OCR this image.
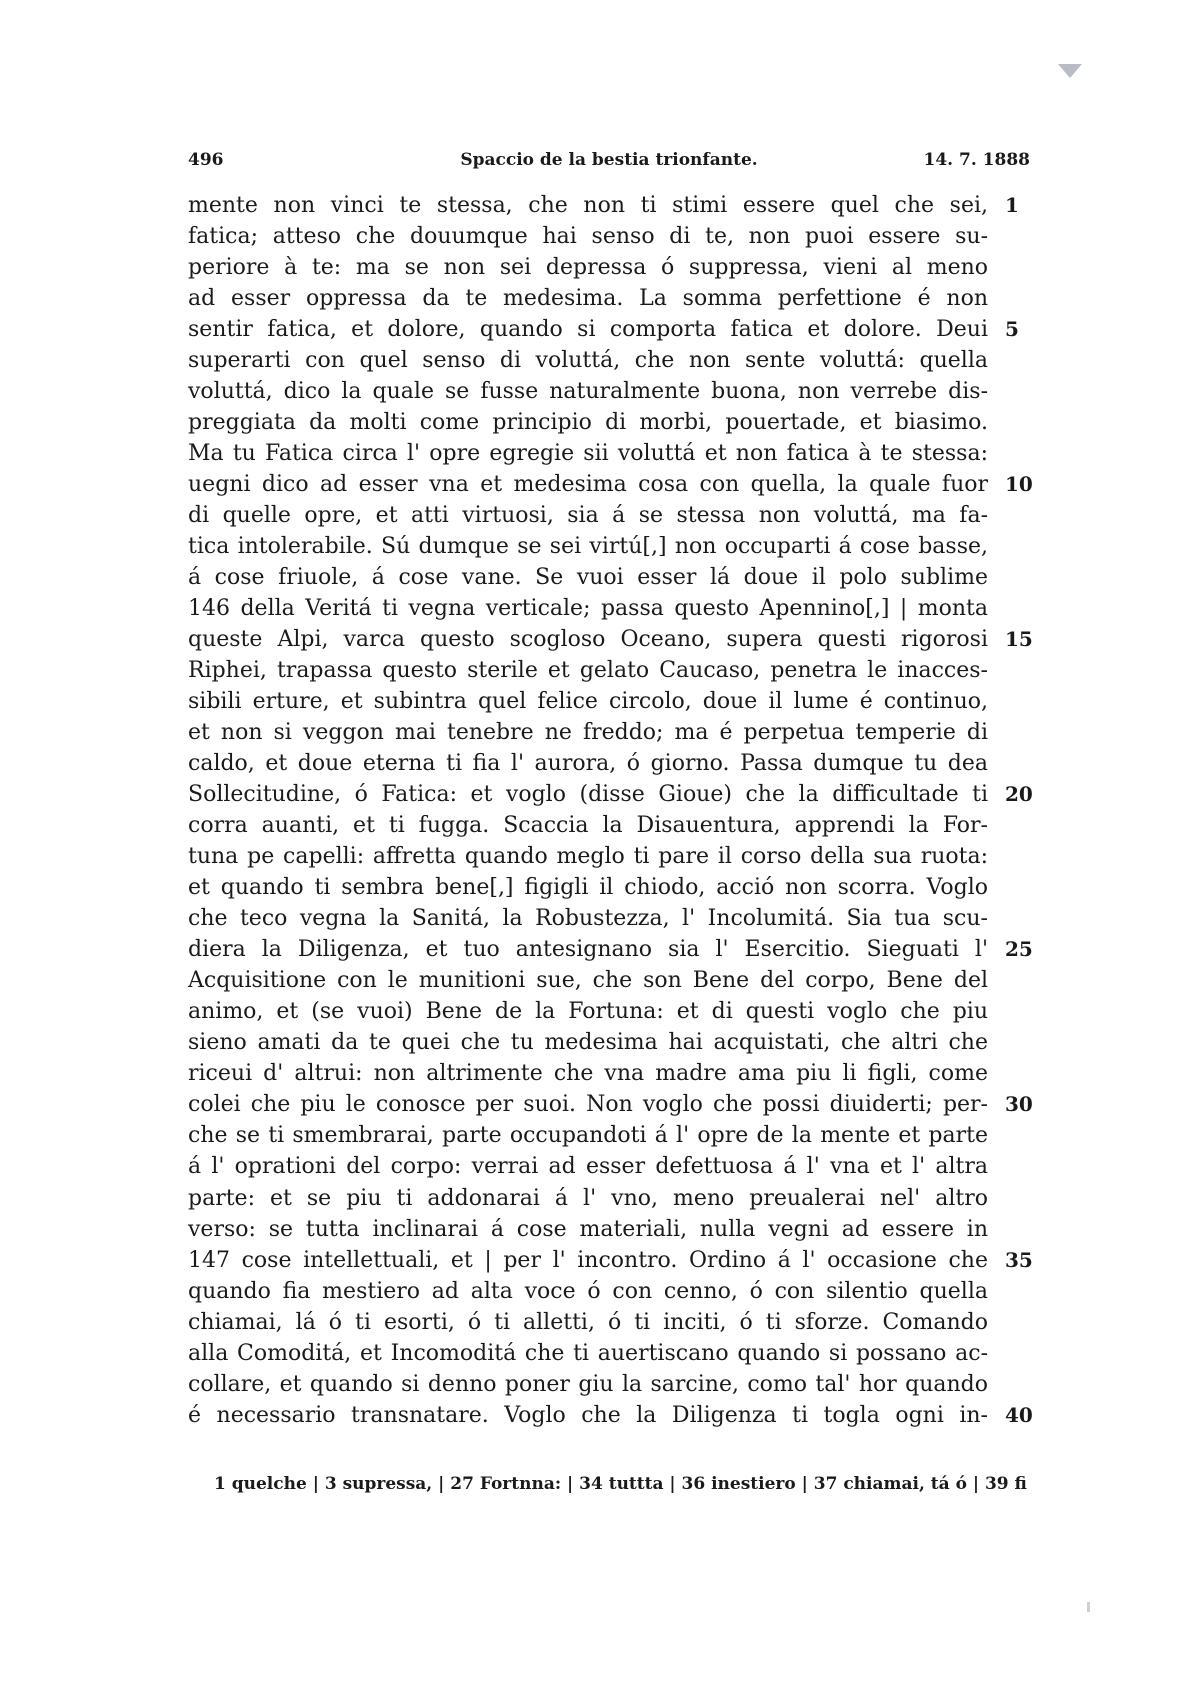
496	Spaccio de la bestia trionfante.	14. 7. 1888
mente non vinci te stessa, che non ti stimi essere quel che sei, 1
fatica; atteso che douumque hai senso di te, non puoi essere su-
periore à te: ma se non sei depressa ó suppressa, vieni al meno
ad esser oppressa da te medesima. La somma perfettione é non
sentir fatica, et dolore, quando si comporta fatica et dolore. Deui 5
superarti con quel senso di voluttá, che non sente voluttá: quella
voluttá, dico la quale se fusse naturalmente buona, non verrebe dis-
preggiata da molti come principio di morbi, pouertade, et biasimo.
Ma tu Fatica circa l' opre egregie sii voluttá et non fatica à te stessa:
uegni dico ad esser vna et medesima cosa con quella, la quale fuor 10
di quelle opre, et atti virtuosi, sia á se stessa non voluttá, ma fa-
tica intolerabile. Sú dumque se sei virtú[,] non occuparti á cose basse,
á cose friuole, á cose vane. Se vuoi esser lá doue il polo sublime
146 della Veritá ti vegna verticale; passa questo Apennino[,] | monta
queste Alpi, varca questo scogloso Oceano, supera questi rigorosi 15
Riphei, trapassa questo sterile et gelato Caucaso, penetra le inacces-
sibili erture, et subintra quel felice circolo, doue il lume é continuo,
et non si veggon mai tenebre ne freddo; ma é perpetua temperie di
caldo, et doue eterna ti fia l' aurora, ó giorno. Passa dumque tu dea
Sollecitudine, ó Fatica: et voglo (disse Gioue) che la difficultade ti 20
corra auanti, et ti fugga. Scaccia la Disauentura, apprendi la For-
tuna pe capelli: affretta quando meglo ti pare il corso della sua ruota:
et quando ti sembra bene[,] figigli il chiodo, acció non scorra. Voglo
che teco vegna la Sanitá, la Robustezza, l' Incolumitá. Sia tua scu-
diera la Diligenza, et tuo antesignano sia l' Esercitio. Sieguati l' 25
Acquisitione con le munitioni sue, che son Bene del corpo, Bene del
animo, et (se vuoi) Bene de la Fortuna: et di questi voglo che piu
sieno amati da te quei che tu medesima hai acquistati, che altri che
riceui d' altrui: non altrimente che vna madre ama piu li figli, come
colei che piu le conosce per suoi. Non voglo che possi diuiderti; per- 30
che se ti smembrarai, parte occupandoti á l' opre de la mente et parte
á l' oprationi del corpo: verrai ad esser defettuosa á l' vna et l' altra
parte: et se piu ti addonarai á l' vno, meno preualerai nel' altro
verso: se tutta inclinarai á cose materiali, nulla vegni ad essere in
147 cose intellettuali, et | per l' incontro. Ordino á l' occasione che 35
quando fia mestiero ad alta voce ó con cenno, ó con silentio quella
chiamai, lá ó ti esorti, ó ti alletti, ó ti inciti, ó ti sforze. Comando
alla Comoditá, et Incomoditá che ti auertiscano quando si possano ac-
collare, et quando si denno poner giu la sarcine, como tal' hor quando
é necessario transnatare. Voglo che la Diligenza ti togla ogni in- 40
1 quelche | 3 supressa, | 27 Fortnna: | 34 tuttta | 36 inestiero | 37 chiamai, tá ó | 39 fi
